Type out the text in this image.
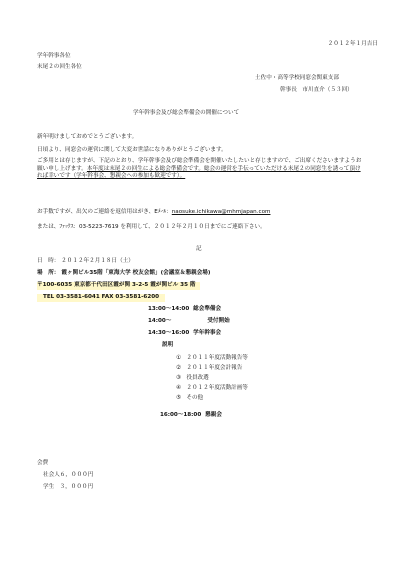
２０１２年１月吉日
学年幹事各位
末尾２の回生各位
土佐中・高等学校同窓会関東支部
幹事長　市川直介（５３回）
学年幹事会及び総会準備会の開催について
新年明けましておめでとうございます。
日頃より、同窓会の運営に関して大変お世話になりありがとうございます。
ご多用とは存じますが、下記のとおり、学年幹事会及び総会準備会を開催いたしたいと存じますので、ご出席くださいますようお願い申し上げます。本年度は末尾２の回生による総会準備会です。総会の運営を手伝っていただける末尾２の同窓生を誘って頂ければ幸いです（学年幹事会、懇親会への参加も歓迎です）。
お手数ですが、出欠のご連絡を返信用はがき、Eﾒｰﾙ：naosuke.ichikawa@mhmjapan.com
または、ﾌｧｯｸｽ：03-5223-7619 を利用して、２０１２年２月１０日までにご連絡下さい。
記
日　時： ２０１２年２月１８日（土）
場　所： 霞ヶ関ビル35階「東海大学 校友会館」(会議室＆懇親会場)
〒100-6035 東京都千代田区霞が関 3-2-5 霞が関ビル 35 階
TEL 03-3581-6041 FAX 03-3581-6200
13:00～14:00 総会準備会
14:00～	受付開始
14:30～16:00 学年幹事会
説明
① ２０１１年度活動報告等
② ２０１１年度会計報告
③ 役員改選
④ ２０１２年度活動計画等
⑤ その他
16:00～18:00 懇親会
会費
社会人６，０００円
学生 ３，０００円
